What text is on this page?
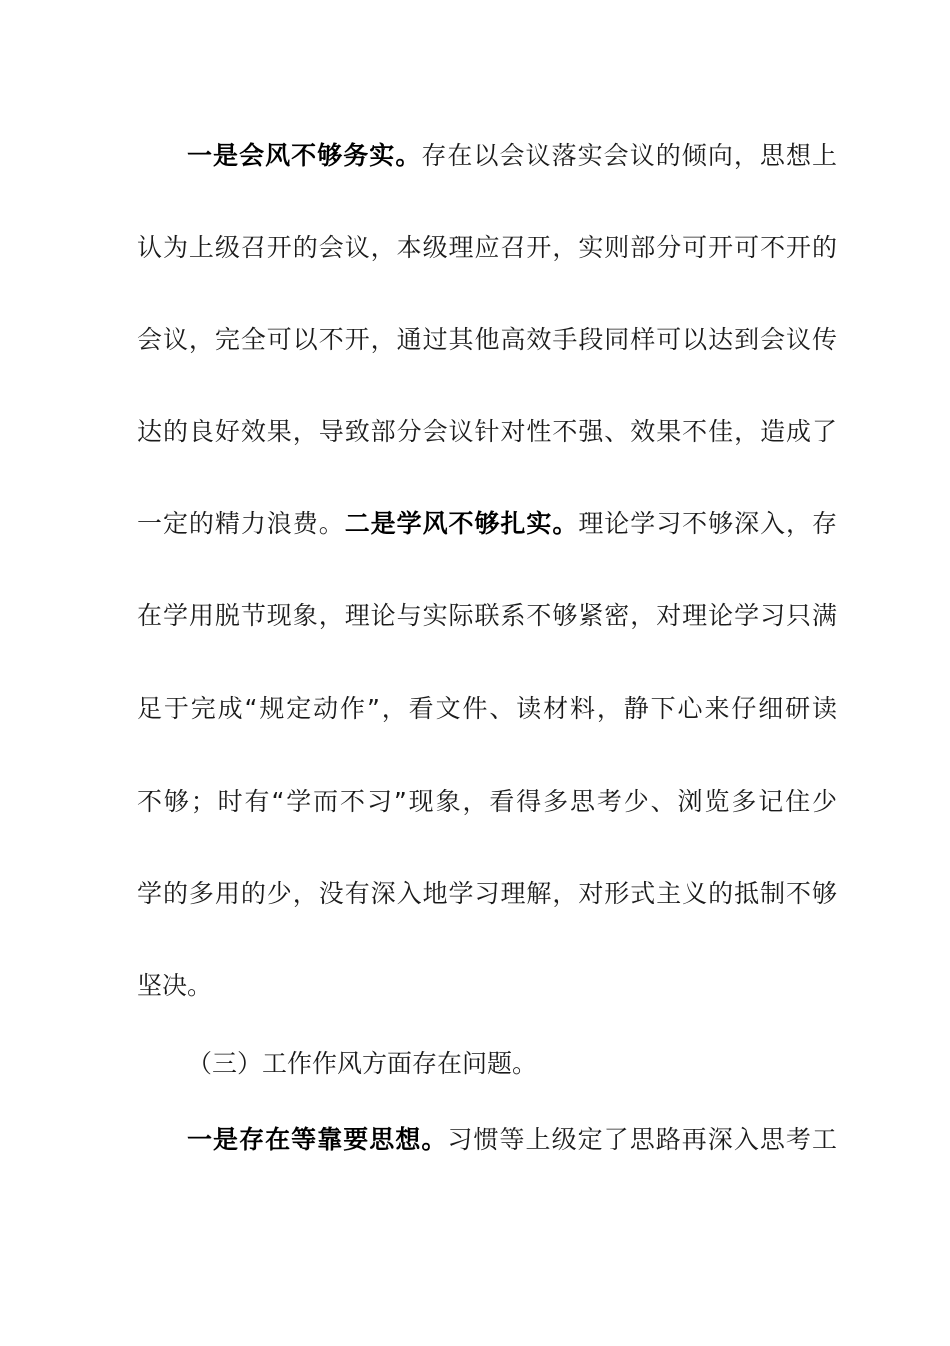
一是会风不够务实。存在以会议落实会议的倾向，思想上
认为上级召开的会议，本级理应召开，实则部分可开可不开的
会议，完全可以不开，通过其他高效手段同样可以达到会议传
达的良好效果，导致部分会议针对性不强、效果不佳，造成了
一定的精力浪费。二是学风不够扎实。理论学习不够深入，存
在学用脱节现象，理论与实际联系不够紧密，对理论学习只满
足于完成“规定动作”，看文件、读材料，静下心来仔细研读
不够；时有“学而不习”现象，看得多思考少、浏览多记住少
学的多用的少，没有深入地学习理解，对形式主义的抵制不够
坚决。
（三）工作作风方面存在问题。
一是存在等靠要思想。习惯等上级定了思路再深入思考工
